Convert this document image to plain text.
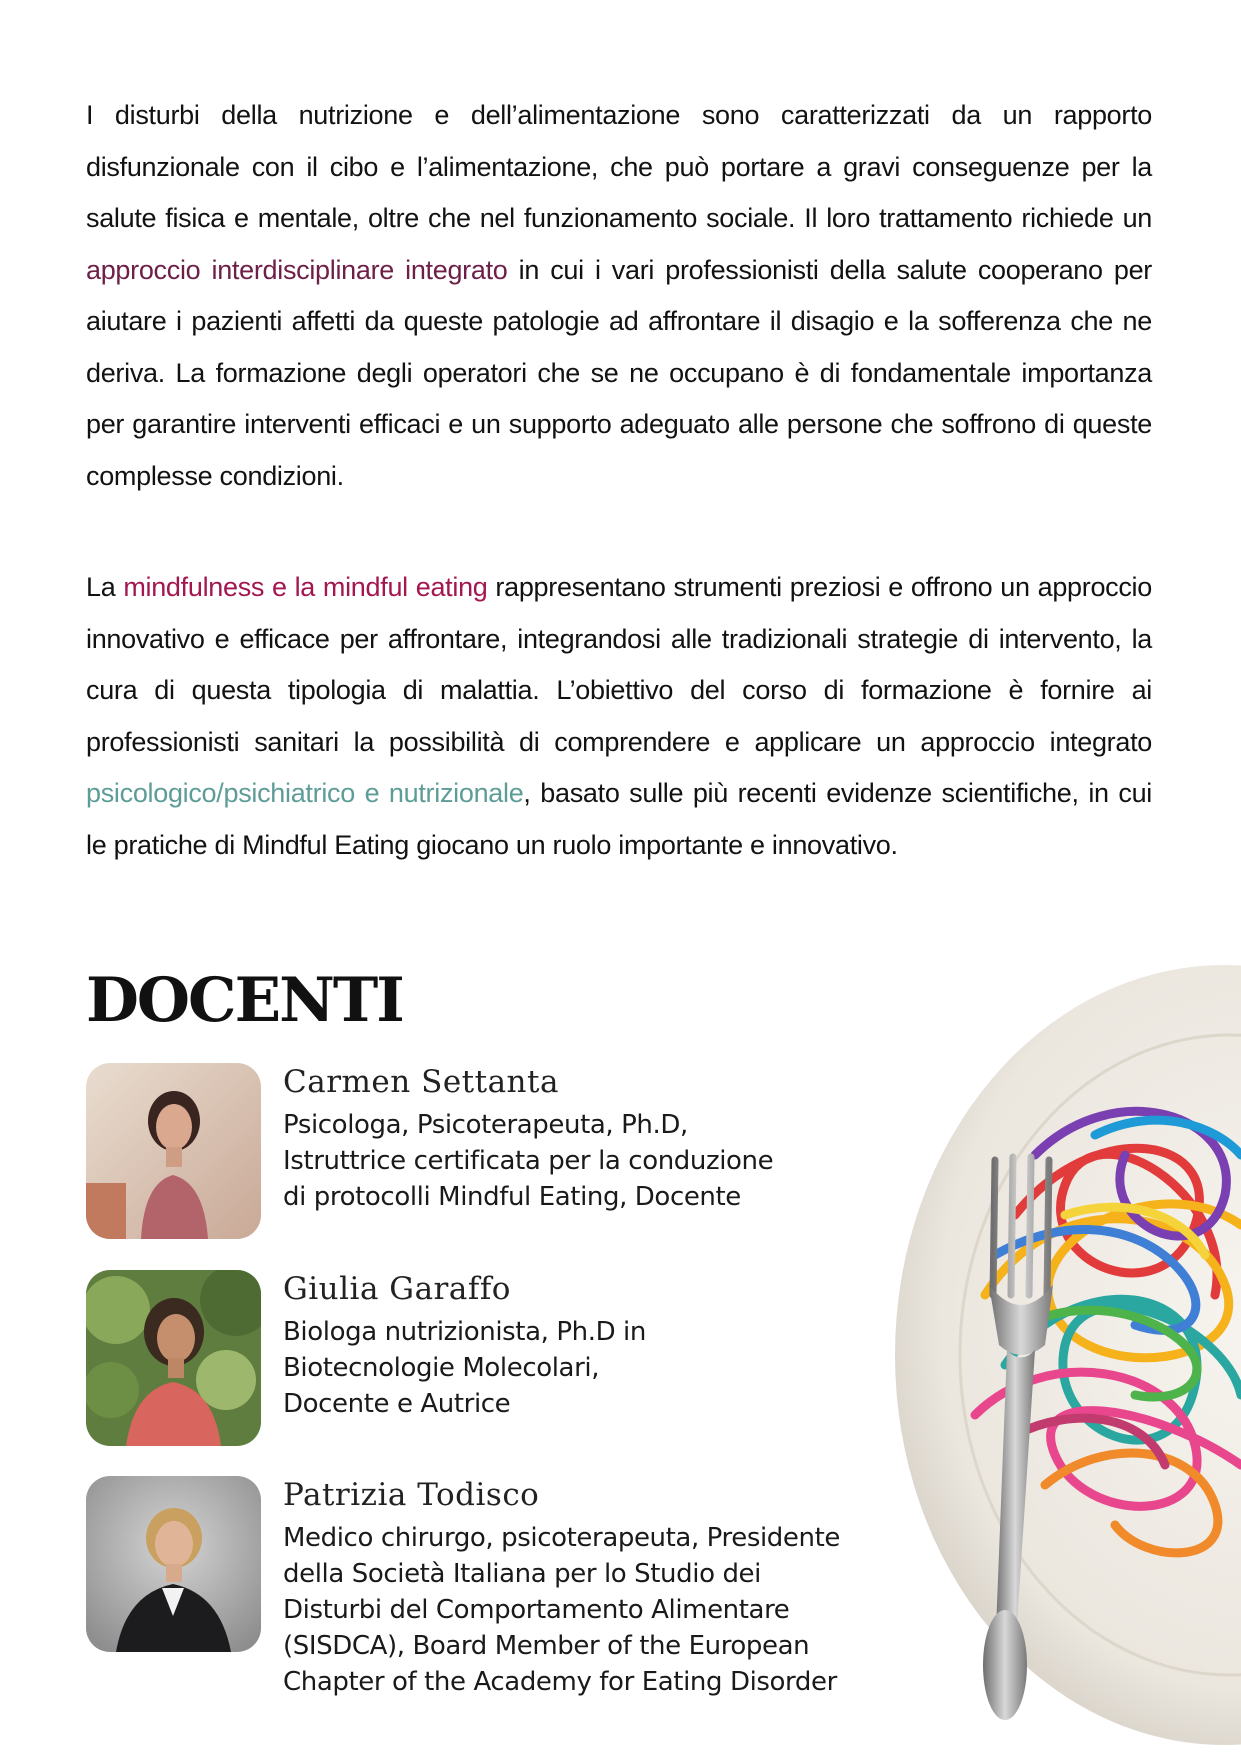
I disturbi della nutrizione e dell’alimentazione sono caratterizzati da un rapporto disfunzionale con il cibo e l’alimentazione, che può portare a gravi conseguenze per la salute fisica e mentale, oltre che nel funzionamento sociale. Il loro trattamento richiede un approccio interdisciplinare integrato in cui i vari professionisti della salute cooperano per aiutare i pazienti affetti da queste patologie ad affrontare il disagio e la sofferenza che ne deriva. La formazione degli operatori che se ne occupano è di fondamentale importanza per garantire interventi efficaci e un supporto adeguato alle persone che soffrono di queste complesse condizioni.

La mindfulness e la mindful eating rappresentano strumenti preziosi e offrono un approccio innovativo e efficace per affrontare, integrandosi alle tradizionali strategie di intervento, la cura di questa tipologia di malattia. L’obiettivo del corso di formazione è fornire ai professionisti sanitari la possibilità di comprendere e applicare un approccio integrato psicologico/psichiatrico e nutrizionale, basato sulle più recenti evidenze scientifiche, in cui le pratiche di Mindful Eating giocano un ruolo importante e innovativo.

DOCENTI
Carmen Settanta
Psicologa, Psicoterapeuta, Ph.D,
Istruttrice certificata per la conduzione
di protocolli Mindful Eating, Docente
Giulia Garaffo
Biologa nutrizionista, Ph.D in
Biotecnologie Molecolari,
Docente e Autrice
Patrizia Todisco
Medico chirurgo, psicoterapeuta, Presidente
della Società Italiana per lo Studio dei
Disturbi del Comportamento Alimentare
(SISDCA), Board Member of the European
Chapter of the Academy for Eating Disorder
